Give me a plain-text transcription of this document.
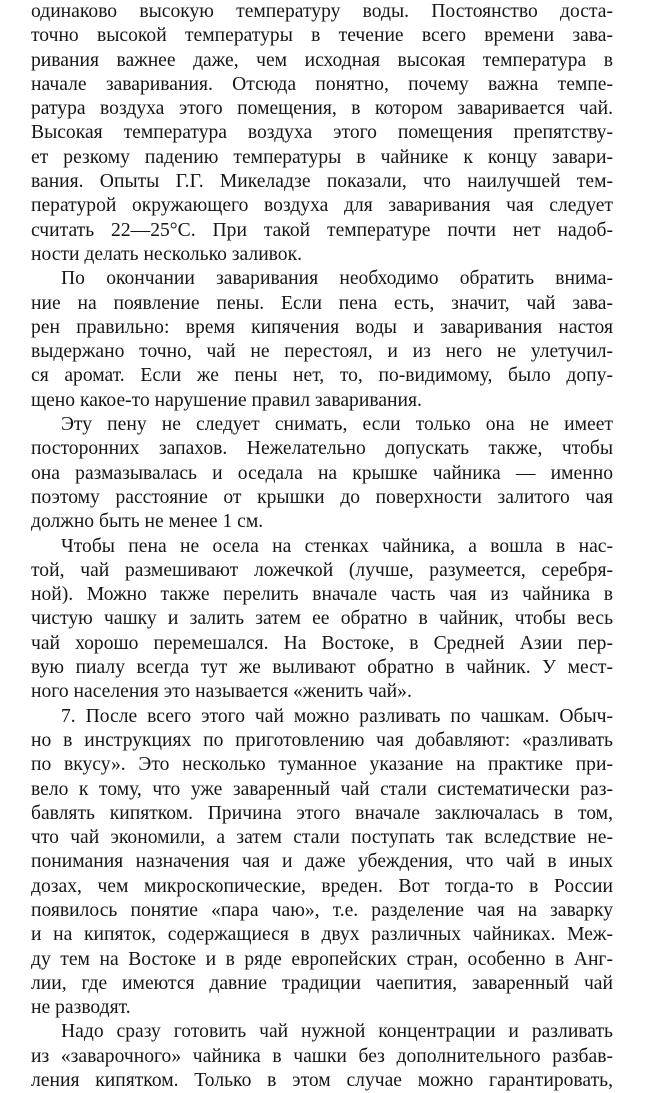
одинаково высокую температуру воды. Постоянство доста-
точно высокой температуры в течение всего времени зава-
ривания важнее даже, чем исходная высокая температура в
начале заваривания. Отсюда понятно, почему важна темпе-
ратура воздуха этого помещения, в котором заваривается чай.
Высокая температура воздуха этого помещения препятству-
ет резкому падению температуры в чайнике к концу завари-
вания. Опыты Г.Г. Микеладзе показали, что наилучшей тем-
пературой окружающего воздуха для заваривания чая следует
считать 22—25°С. При такой температуре почти нет надоб-
ности делать несколько заливок.
По окончании заваривания необходимо обратить внима-
ние на появление пены. Если пена есть, значит, чай зава-
рен правильно: время кипячения воды и заваривания настоя
выдержано точно, чай не перестоял, и из него не улетучил-
ся аромат. Если же пены нет, то, по-видимому, было допу-
щено какое-то нарушение правил заваривания.
Эту пену не следует снимать, если только она не имеет
посторонних запахов. Нежелательно допускать также, чтобы
она размазывалась и оседала на крышке чайника — именно
поэтому расстояние от крышки до поверхности залитого чая
должно быть не менее 1 см.
Чтобы пена не осела на стенках чайника, а вошла в нас-
той, чай размешивают ложечкой (лучше, разумеется, серебря-
ной). Можно также перелить вначале часть чая из чайника в
чистую чашку и залить затем ее обратно в чайник, чтобы весь
чай хорошо перемешался. На Востоке, в Средней Азии пер-
вую пиалу всегда тут же выливают обратно в чайник. У мест-
ного населения это называется «женить чай».
7. После всего этого чай можно разливать по чашкам. Обыч-
но в инструкциях по приготовлению чая добавляют: «разливать
по вкусу». Это несколько туманное указание на практике при-
вело к тому, что уже заваренный чай стали систематически раз-
бавлять кипятком. Причина этого вначале заключалась в том,
что чай экономили, а затем стали поступать так вследствие не-
понимания назначения чая и даже убеждения, что чай в иных
дозах, чем микроскопические, вреден. Вот тогда-то в России
появилось понятие «пара чаю», т.е. разделение чая на заварку
и на кипяток, содержащиеся в двух различных чайниках. Меж-
ду тем на Востоке и в ряде европейских стран, особенно в Анг-
лии, где имеются давние традиции чаепития, заваренный чай
не разводят.
Надо сразу готовить чай нужной концентрации и разливать
из «заварочного» чайника в чашки без дополнительного разбав-
ления кипятком. Только в этом случае можно гарантировать,
